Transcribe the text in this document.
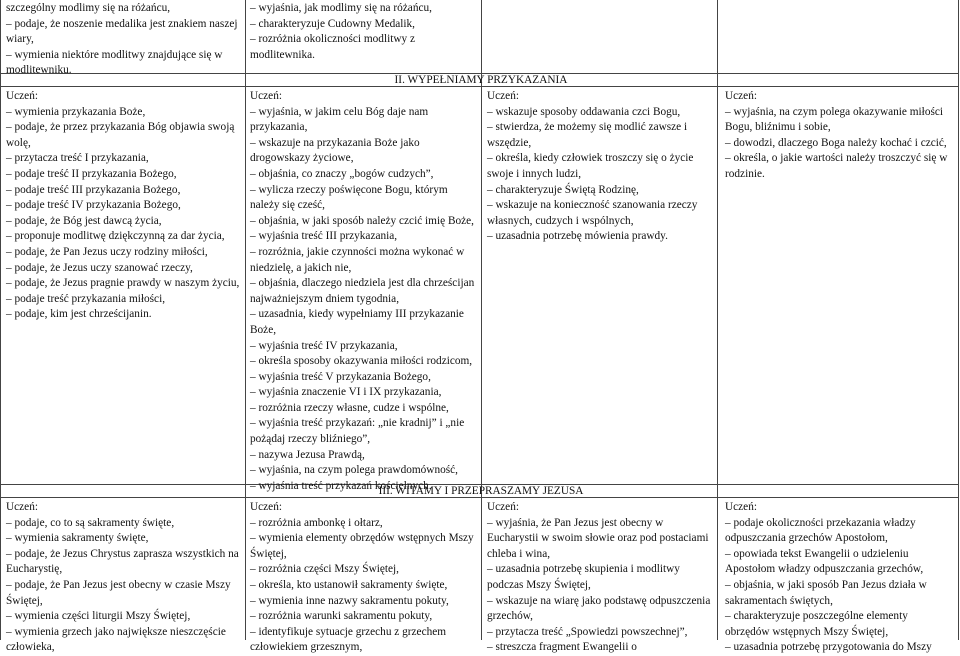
szczególny modlimy się na różańcu,

– podaje, że noszenie medalika jest znakiem naszej wiary,

– wymienia niektóre modlitwy znajdujące się w modlitewniku.

– wyjaśnia, jak modlimy się na różańcu,

– charakteryzuje Cudowny Medalik,

– rozróżnia okoliczności modlitwy z modlitewnika.

II. WYPEŁNIAMY PRZYKAZANIA

Uczeń:

– wymienia przykazania Boże,

– podaje, że przez przykazania Bóg objawia swoją wolę,

– przytacza treść I przykazania,

– podaje treść II przykazania Bożego,

– podaje treść III przykazania Bożego,

– podaje treść IV przykazania Bożego,

– podaje, że Bóg jest dawcą życia,

– proponuje modlitwę dziękczynną za dar życia,

– podaje, że Pan Jezus uczy rodziny miłości,

– podaje, że Jezus uczy szanować rzeczy,

– podaje, że Jezus pragnie prawdy w naszym życiu,

– podaje treść przykazania miłości,

– podaje, kim jest chrześcijanin.

Uczeń:

– wyjaśnia, w jakim celu Bóg daje nam przykazania,

– wskazuje na przykazania Boże jako drogowskazy życiowe,

– objaśnia, co znaczy „bogów cudzych”,

– wylicza rzeczy poświęcone Bogu, którym należy się cześć,

– objaśnia, w jaki sposób należy czcić imię Boże,

– wyjaśnia treść III przykazania,

– rozróżnia, jakie czynności można wykonać w niedzielę, a jakich nie,

– objaśnia, dlaczego niedziela jest dla chrześcijan najważniejszym dniem tygodnia,

– uzasadnia, kiedy wypełniamy III przykazanie Boże,

– wyjaśnia treść IV przykazania,

– określa sposoby okazywania miłości rodzicom,

– wyjaśnia treść V przykazania Bożego,

– wyjaśnia znaczenie VI i IX przykazania,

– rozróżnia rzeczy własne, cudze i wspólne,

– wyjaśnia treść przykazań: „nie kradnij” i „nie pożądaj rzeczy bliźniego”,

– nazywa Jezusa Prawdą,

– wyjaśnia, na czym polega prawdomówność,

– wyjaśnia treść przykazań kościelnych.

Uczeń:

– wskazuje sposoby oddawania czci Bogu,

– stwierdza, że możemy się modlić zawsze i wszędzie,

– określa, kiedy człowiek troszczy się o życie swoje i innych ludzi,

– charakteryzuje Świętą Rodzinę,

– wskazuje na konieczność szanowania rzeczy własnych, cudzych i wspólnych,

– uzasadnia potrzebę mówienia prawdy.

Uczeń:

– wyjaśnia, na czym polega okazywanie miłości Bogu, bliźnimu i sobie,

– dowodzi, dlaczego Boga należy kochać i czcić,

– określa, o jakie wartości należy troszczyć się w rodzinie.

III. WITAMY I PRZEPRASZAMY JEZUSA

Uczeń:

– podaje, co to są sakramenty święte,

– wymienia sakramenty święte,

– podaje, że Jezus Chrystus zaprasza wszystkich na Eucharystię,

– podaje, że Pan Jezus jest obecny w czasie Mszy Świętej,

– wymienia części liturgii Mszy Świętej,

– wymienia grzech jako największe nieszczęście człowieka,

Uczeń:

– rozróżnia ambonkę i ołtarz,

– wymienia elementy obrzędów wstępnych Mszy Świętej,

– rozróżnia części Mszy Świętej,

– określa, kto ustanowił sakramenty święte,

– wymienia inne nazwy sakramentu pokuty,

– rozróżnia warunki sakramentu pokuty,

– identyfikuje sytuacje grzechu z grzechem człowiekiem grzesznym,

Uczeń:

– wyjaśnia, że Pan Jezus jest obecny w Eucharystii w swoim słowie oraz pod postaciami chleba i wina,

– uzasadnia potrzebę skupienia i modlitwy podczas Mszy Świętej,

– wskazuje na wiarę jako podstawę odpuszczenia grzechów,

– przytacza treść „Spowiedzi powszechnej”,

– streszcza fragment Ewangelii o

Uczeń:

– podaje okoliczności przekazania władzy odpuszczania grzechów Apostołom,

– opowiada tekst Ewangelii o udzieleniu Apostołom władzy odpuszczania grzechów,

– objaśnia, w jaki sposób Pan Jezus działa w sakramentach świętych,

– charakteryzuje poszczególne elementy obrzędów wstępnych Mszy Świętej,

– uzasadnia potrzebę przygotowania do Mszy
